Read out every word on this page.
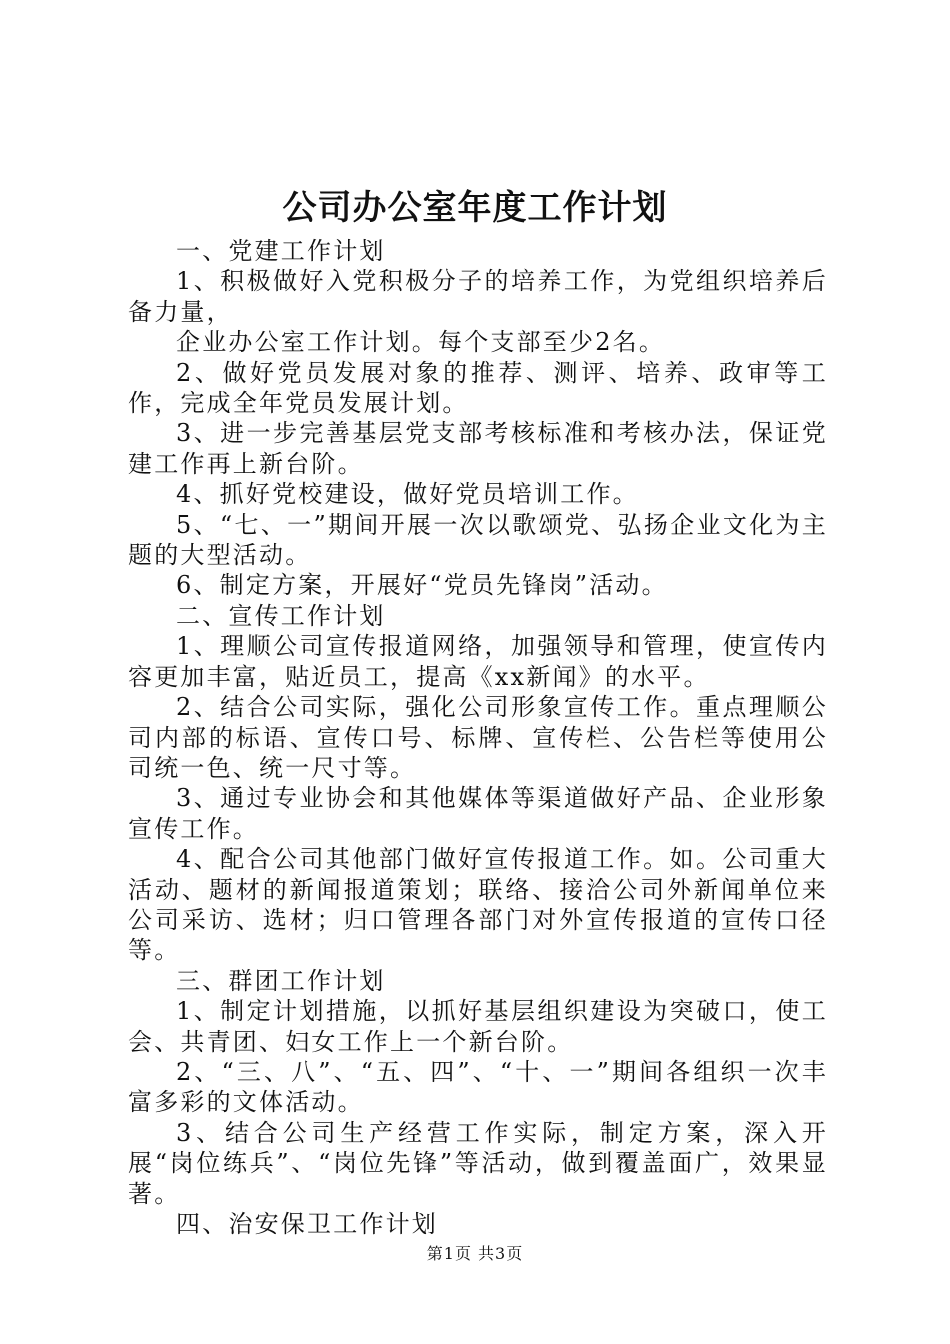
公司办公室年度工作计划

一、党建工作计划

1、积极做好入党积极分子的培养工作，为党组织培养后备力量，

企业办公室工作计划。每个支部至少2名。

2、做好党员发展对象的推荐、测评、培养、政审等工作，完成全年党员发展计划。

3、进一步完善基层党支部考核标准和考核办法，保证党建工作再上新台阶。

4、抓好党校建设，做好党员培训工作。

5、“七、一”期间开展一次以歌颂党、弘扬企业文化为主题的大型活动。

6、制定方案，开展好“党员先锋岗”活动。

二、宣传工作计划

1、理顺公司宣传报道网络，加强领导和管理，使宣传内容更加丰富，贴近员工，提高《xx新闻》的水平。

2、结合公司实际，强化公司形象宣传工作。重点理顺公司内部的标语、宣传口号、标牌、宣传栏、公告栏等使用公司统一色、统一尺寸等。

3、通过专业协会和其他媒体等渠道做好产品、企业形象宣传工作。

4、配合公司其他部门做好宣传报道工作。如。公司重大活动、题材的新闻报道策划；联络、接洽公司外新闻单位来公司采访、选材；归口管理各部门对外宣传报道的宣传口径等。

三、群团工作计划

1、制定计划措施，以抓好基层组织建设为突破口，使工会、共青团、妇女工作上一个新台阶。

2、“三、八”、“五、四”、“十、一”期间各组织一次丰富多彩的文体活动。

3、结合公司生产经营工作实际，制定方案，深入开展“岗位练兵”、“岗位先锋”等活动，做到覆盖面广，效果显著。

四、治安保卫工作计划

第1页 共3页
